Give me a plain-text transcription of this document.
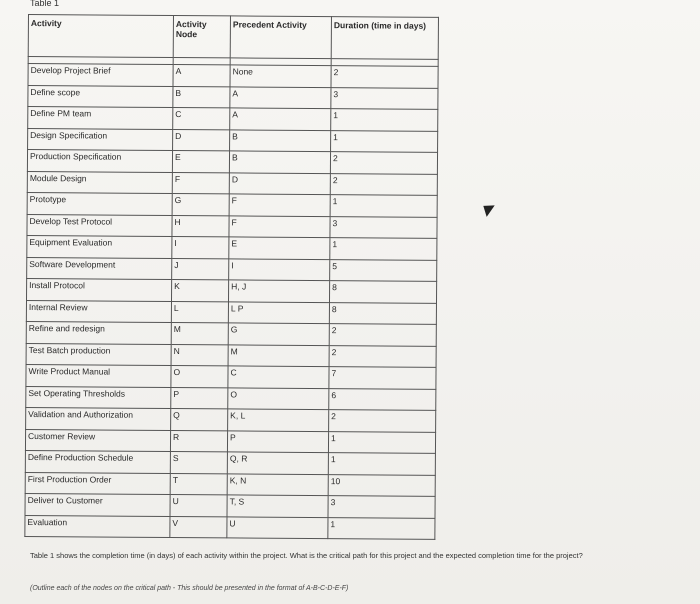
Table 1
Activity	Activity Node	Precedent Activity	Duration (time in days)

Develop Project Brief	A	None	2

Define scope	B	A	3

Define PM team	C	A	1

Design Specification	D	B	1

Production Specification	E	B	2

Module Design	F	D	2

Prototype	G	F	1

Develop Test Protocol	H	F	3

Equipment Evaluation	I	E	1

Software Development	J	I	5

Install Protocol	K	H, J	8

Internal Review	L	L P	8

Refine and redesign	M	G	2

Test Batch production	N	M	2

Write Product Manual	O	C	7

Set Operating Thresholds	P	O	6

Validation and Authorization	Q	K, L	2

Customer Review	R	P	1

Define Production Schedule	S	Q, R	1

First Production Order	T	K, N	10

Deliver to Customer	U	T, S	3

Evaluation	V	U	1
Table 1 shows the completion time (in days) of each activity within the project. What is the critical path for this project and the expected completion time for the project?
(Outline each of the nodes on the critical path - This should be presented in the format of A-B-C-D-E-F)
